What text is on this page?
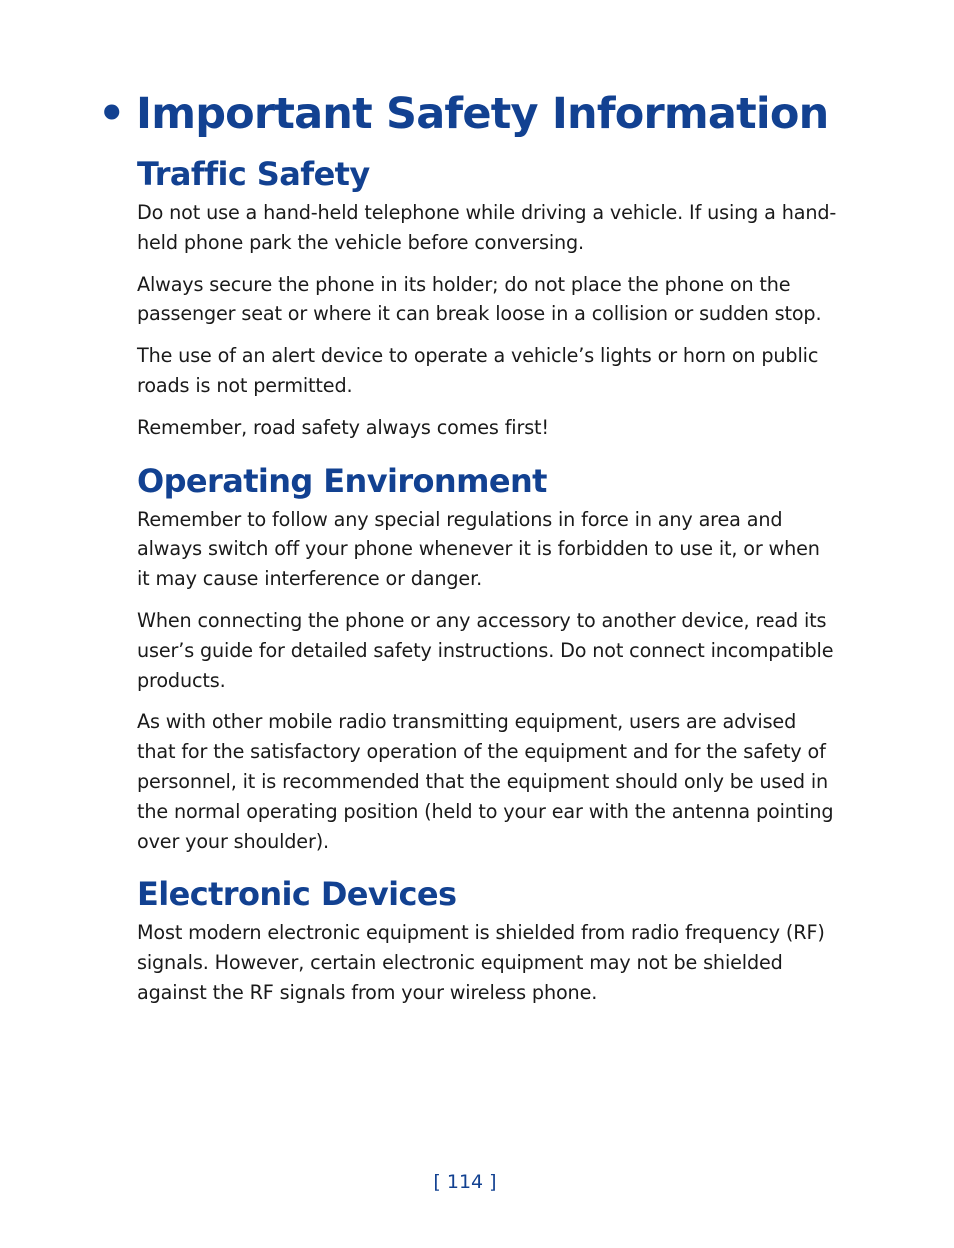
• Important Safety Information
Traffic Safety

Do not use a hand-held telephone while driving a vehicle. If using a hand-held phone park the vehicle before conversing.

Always secure the phone in its holder; do not place the phone on the passenger seat or where it can break loose in a collision or sudden stop.

The use of an alert device to operate a vehicle’s lights or horn on public roads is not permitted.

Remember, road safety always comes first!

Operating Environment

Remember to follow any special regulations in force in any area and always switch off your phone whenever it is forbidden to use it, or when it may cause interference or danger.

When connecting the phone or any accessory to another device, read its user’s guide for detailed safety instructions. Do not connect incompatible products.

As with other mobile radio transmitting equipment, users are advised that for the satisfactory operation of the equipment and for the safety of personnel, it is recommended that the equipment should only be used in the normal operating position (held to your ear with the antenna pointing over your shoulder).

Electronic Devices

Most modern electronic equipment is shielded from radio frequency (RF) signals. However, certain electronic equipment may not be shielded against the RF signals from your wireless phone.

[ 114 ]
